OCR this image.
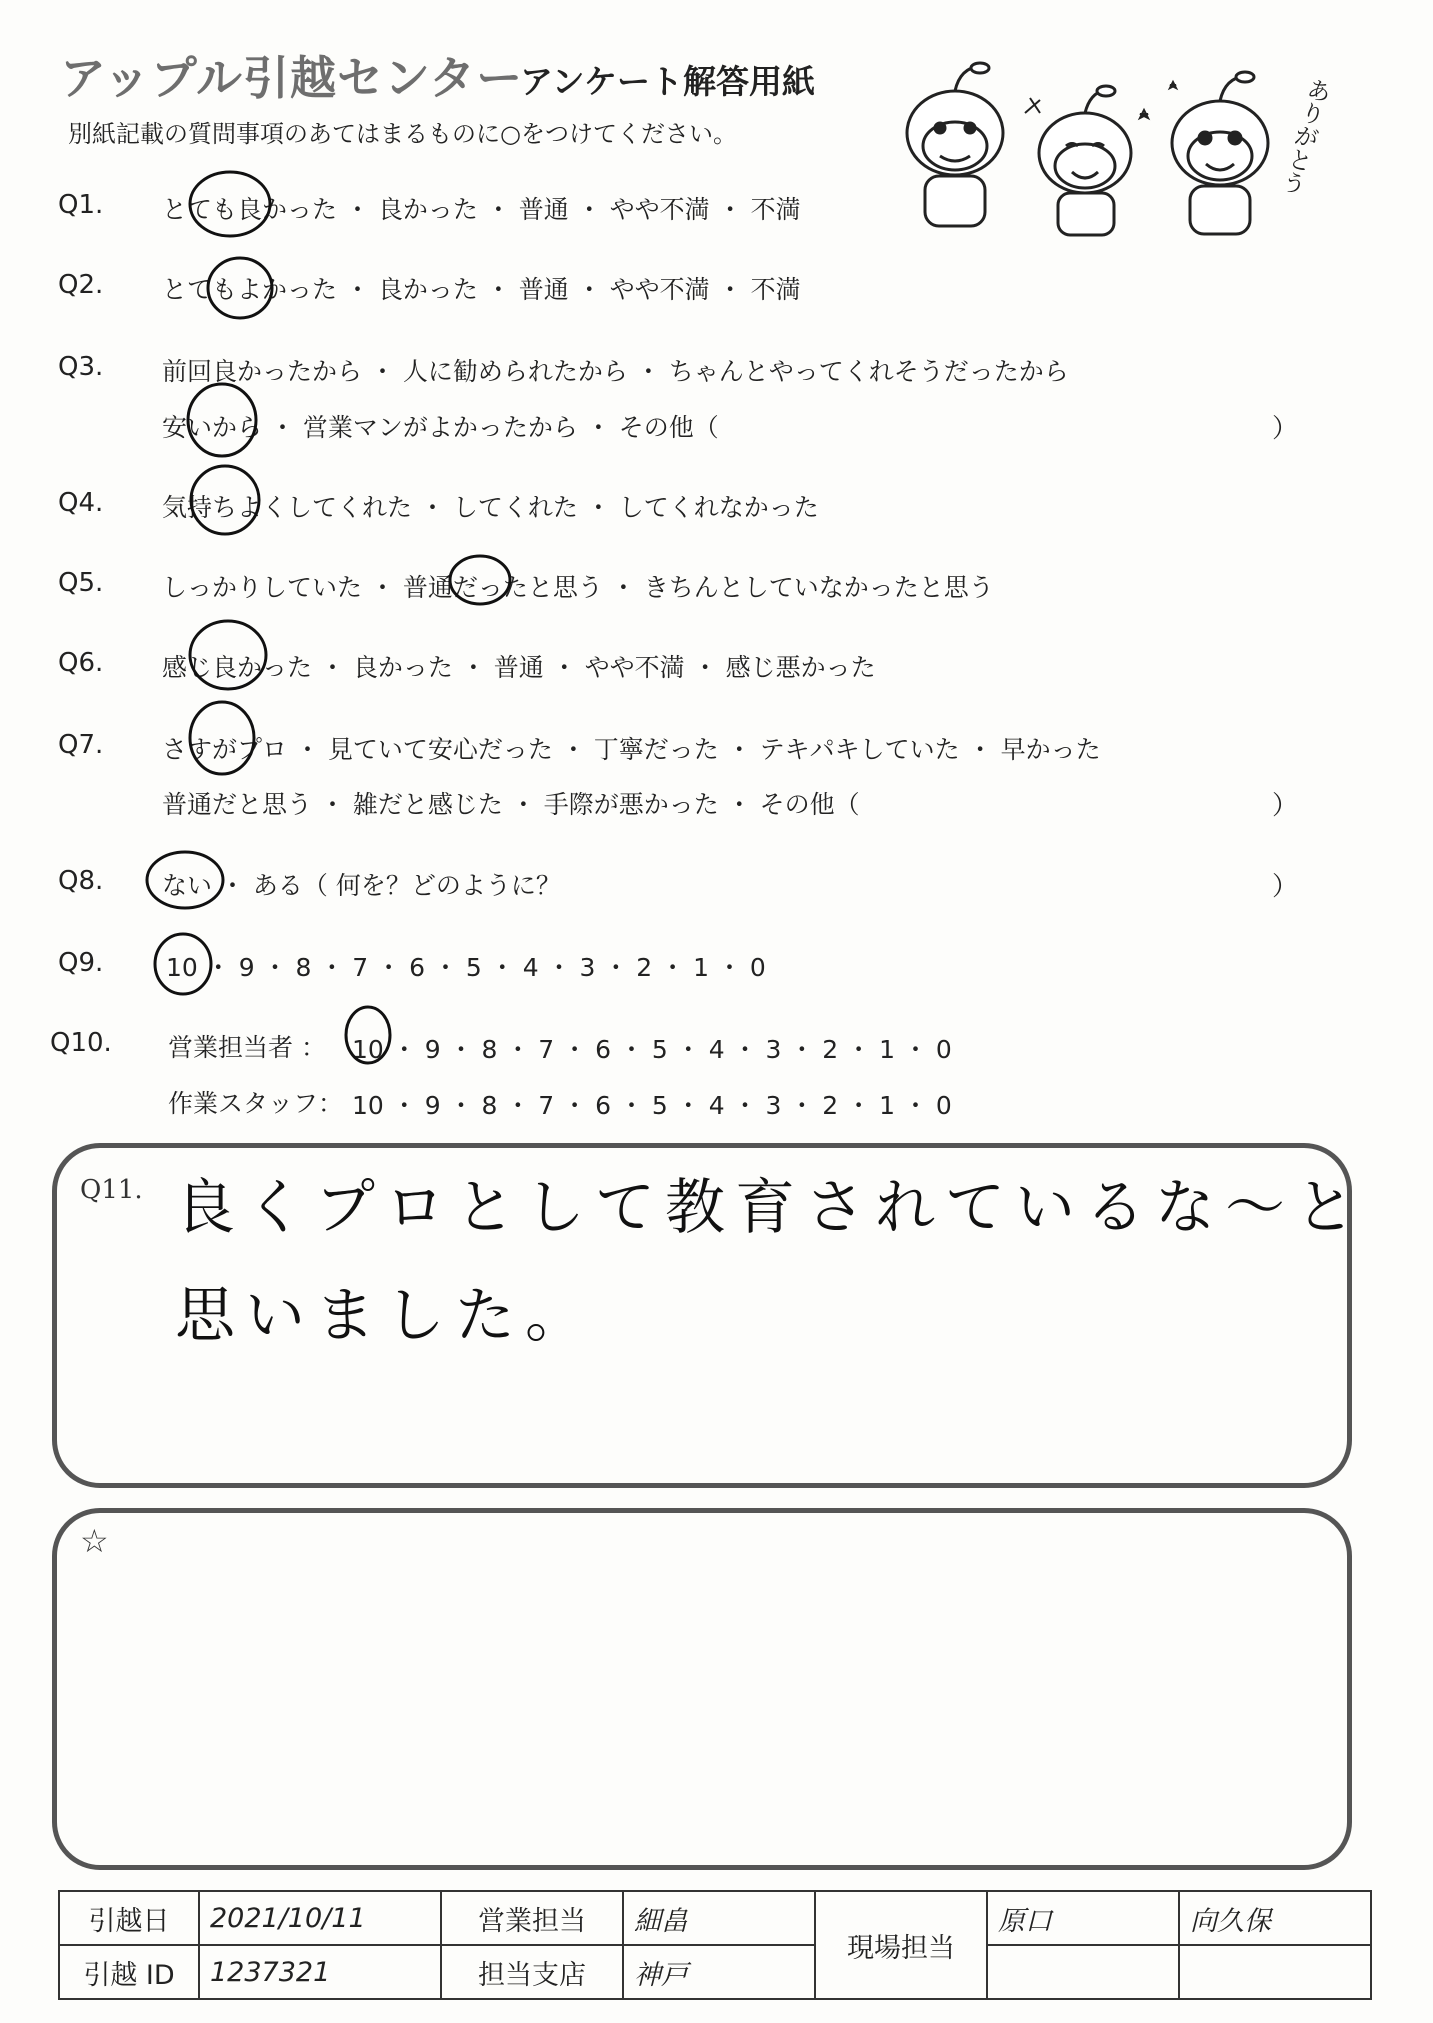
アップル引越センター
アンケート解答用紙
別紙記載の質問事項のあてはまるものに○をつけてください。	ありがとう
Q1. とても良かった ・ 良かった ・ 普通 ・ やや不満 ・ 不満
Q2. とてもよかった ・ 良かった ・ 普通 ・ やや不満 ・ 不満
Q3. 前回良かったから ・ 人に勧められたから ・ ちゃんとやってくれそうだったから
安いから ・ 営業マンがよかったから ・ その他（	）
Q4. 気持ちよくしてくれた ・ してくれた ・ してくれなかった
Q5. しっかりしていた ・ 普通だったと思う ・ きちんとしていなかったと思う
Q6. 感じ良かった ・ 良かった ・ 普通 ・ やや不満 ・ 感じ悪かった
Q7. さすがプロ ・ 見ていて安心だった ・ 丁寧だった ・ テキパキしていた ・ 早かった
普通だと思う ・ 雑だと感じた ・ 手際が悪かった ・ その他（	）
Q8. ない ・ ある（ 何を？どのように？	）
Q9.	10 ・ 9 ・ 8 ・ 7 ・ 6 ・ 5 ・ 4 ・ 3 ・ 2 ・ 1 ・ 0
Q10. 営業担当者 ： 10 ・ 9 ・ 8 ・ 7 ・ 6 ・ 5 ・ 4 ・ 3 ・ 2 ・ 1 ・ 0
作業スタッフ： 10 ・ 9 ・ 8 ・ 7 ・ 6 ・ 5 ・ 4 ・ 3 ・ 2 ・ 1 ・ 0
Q11. 良くプロとして教育されているな〜と
思いました。
☆
引越日	2021/10/11	営業担当	細畠	現場担当	原口	向久保
引越 ID	1237321	担当支店	神戸			
